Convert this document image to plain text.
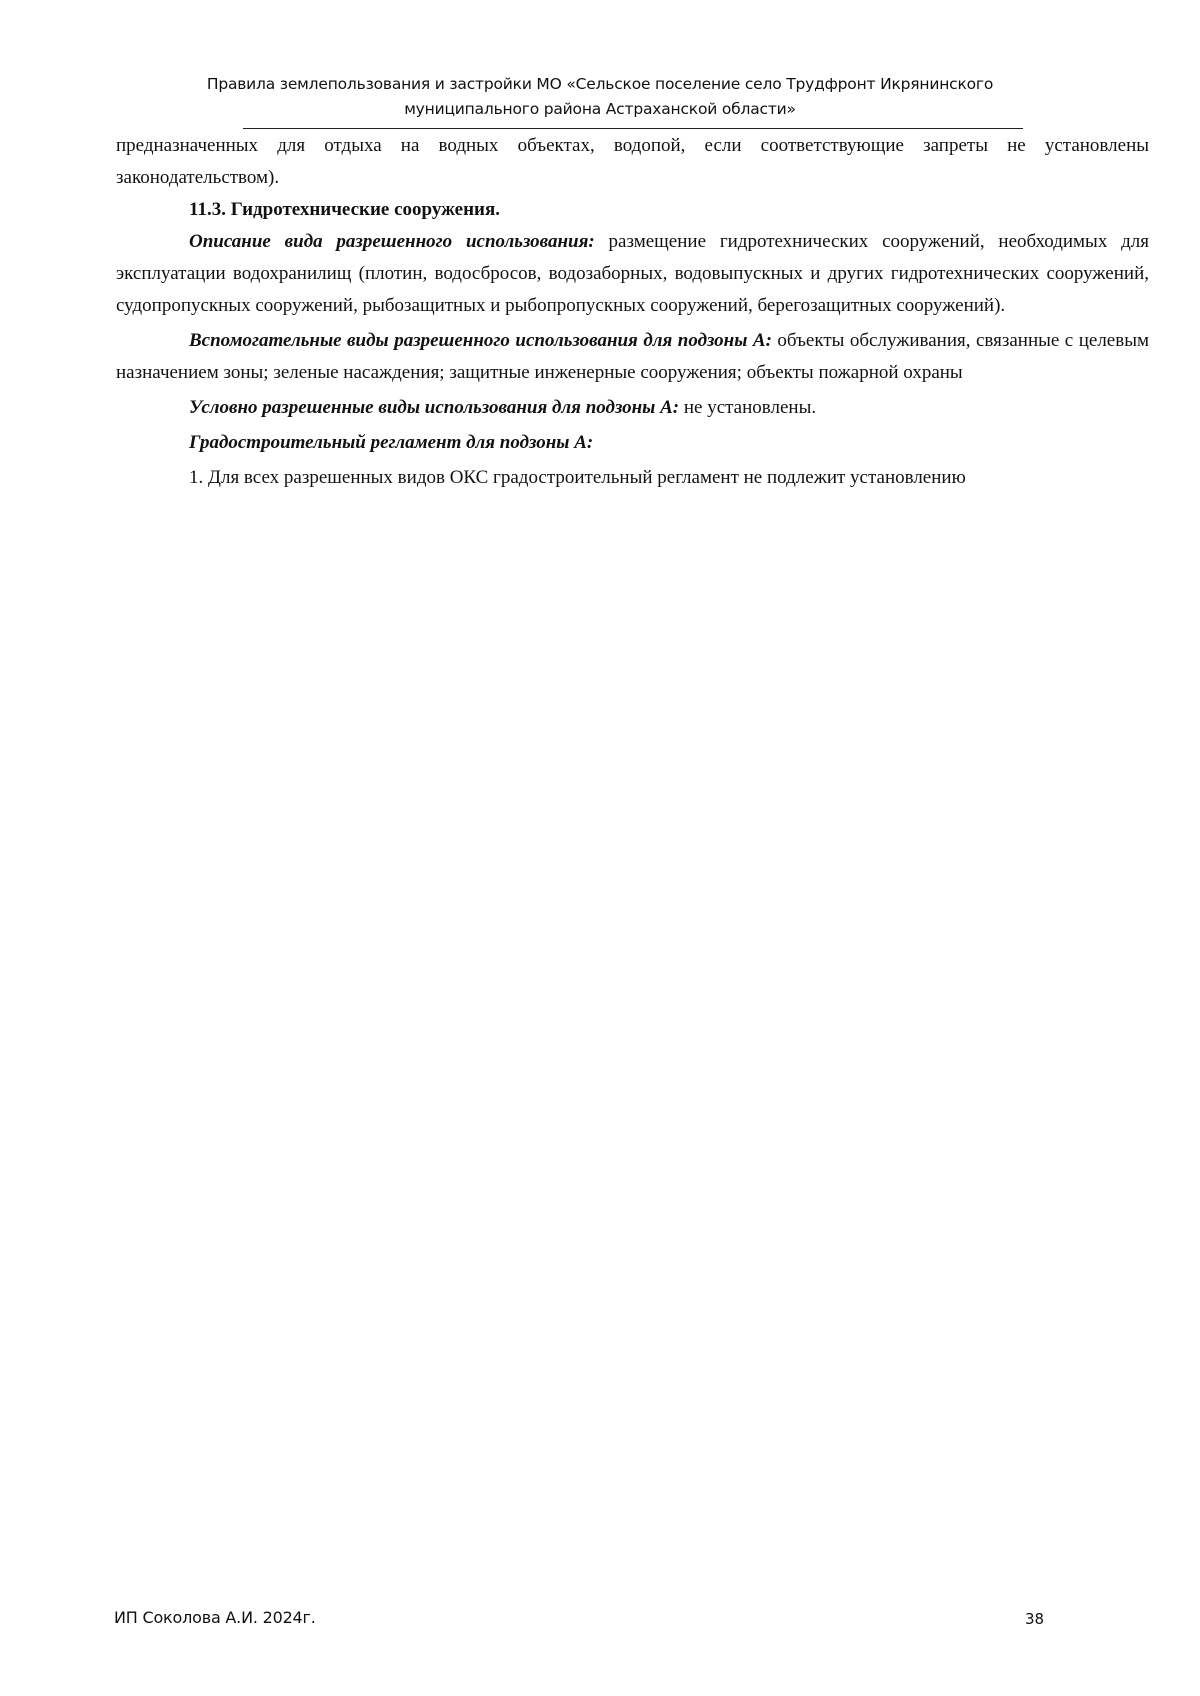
Правила землепользования и застройки МО «Сельское поселение село Трудфронт Икрянинского
муниципального района Астраханской области»

предназначенных для отдыха на водных объектах, водопой, если соответствующие запреты не установлены законодательством).

11.3. Гидротехнические сооружения.

Описание вида разрешенного использования: размещение гидротехнических сооружений, необходимых для эксплуатации водохранилищ (плотин, водосбросов, водозаборных, водовыпускных и других гидротехнических сооружений, судопропускных сооружений, рыбозащитных и рыбопропускных сооружений, берегозащитных сооружений).

Вспомогательные виды разрешенного использования для подзоны А: объекты обслуживания, связанные с целевым назначением зоны; зеленые насаждения; защитные инженерные сооружения; объекты пожарной охраны

Условно разрешенные виды использования для подзоны А: не установлены.

Градостроительный регламент для подзоны А:

1. Для всех разрешенных видов ОКС градостроительный регламент не подлежит установлению

ИП Соколова А.И. 2024г.	38
